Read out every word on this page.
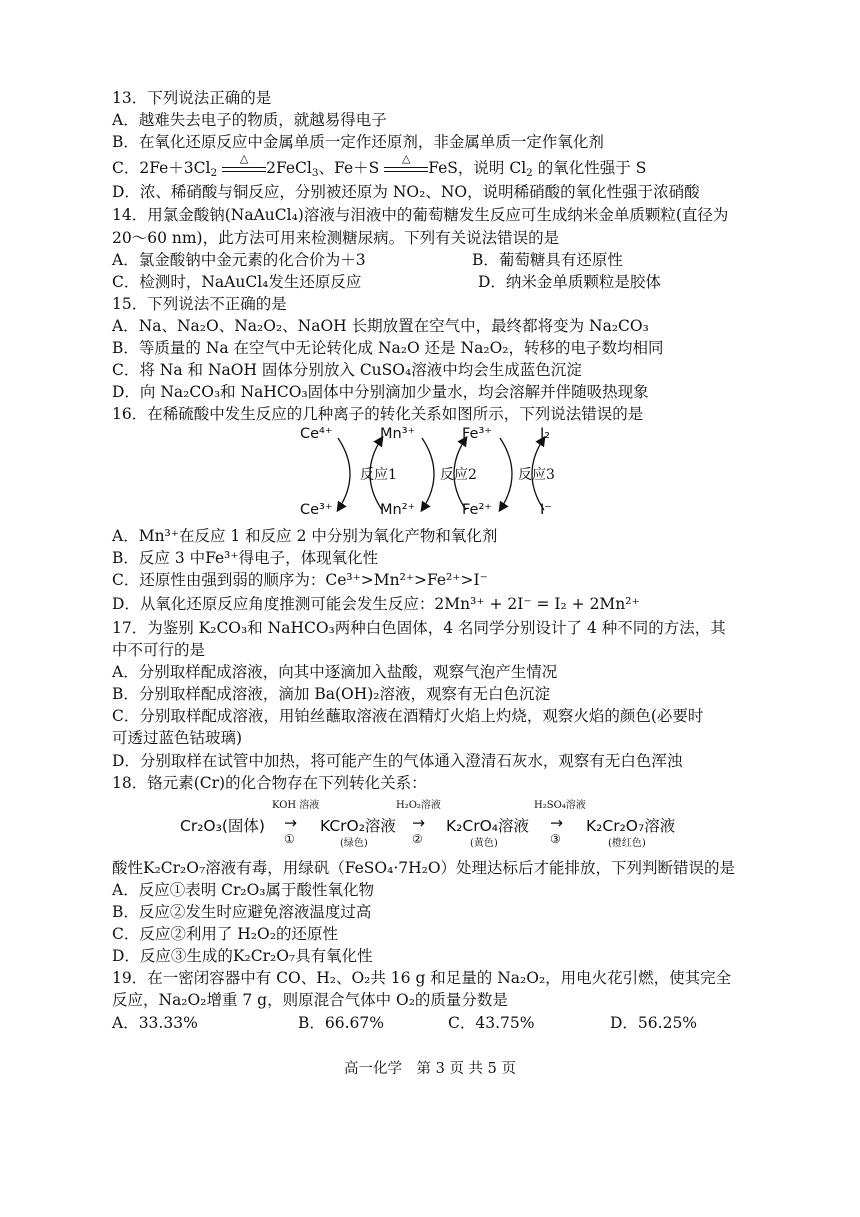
13．下列说法正确的是
A．越难失去电子的物质，就越易得电子
B．在氧化还原反应中金属单质一定作还原剂，非金属单质一定作氧化剂
C．$2Fe+3Cl_2$
△
2FeCl$_3$、Fe＋S
△
FeS，说明 $Cl_2$ 的氧化性强于 S
D．浓、稀硝酸与铜反应，分别被还原为 NO₂、NO，说明稀硝酸的氧化性强于浓硝酸
14．用氯金酸钠(NaAuCl₄)溶液与泪液中的葡萄糖发生反应可生成纳米金单质颗粒(直径为
20～60 nm)，此方法可用来检测糖尿病。下列有关说法错误的是
A．氯金酸钠中金元素的化合价为＋3	B．葡萄糖具有还原性
C．检测时，NaAuCl₄发生还原反应	D．纳米金单质颗粒是胶体
15．下列说法不正确的是
A．Na、Na₂O、Na₂O₂、NaOH 长期放置在空气中，最终都将变为 Na₂CO₃
B．等质量的 Na 在空气中无论转化成 Na₂O 还是 Na₂O₂，转移的电子数均相同
C．将 Na 和 NaOH 固体分别放入 CuSO₄溶液中均会生成蓝色沉淀
D．向 Na₂CO₃和 NaHCO₃固体中分别滴加少量水，均会溶解并伴随吸热现象
16．在稀硫酸中发生反应的几种离子的转化关系如图所示，下列说法错误的是
Ce⁴⁺	Mn³⁺	Fe³⁺	I₂
Ce³⁺	Mn²⁺	Fe²⁺	I⁻
反应1	反应2	反应3
A．Mn³⁺在反应 1 和反应 2 中分别为氧化产物和氧化剂
B．反应 3 中Fe³⁺得电子，体现氧化性
C．还原性由强到弱的顺序为：Ce³⁺>Mn²⁺>Fe²⁺>I⁻
D．从氧化还原反应角度推测可能会发生反应：2Mn³⁺ + 2I⁻ = I₂ + 2Mn²⁺
17．为鉴别 K₂CO₃和 NaHCO₃两种白色固体，4 名同学分别设计了 4 种不同的方法，其
中不可行的是
A．分别取样配成溶液，向其中逐滴加入盐酸，观察气泡产生情况
B．分别取样配成溶液，滴加 Ba(OH)₂溶液，观察有无白色沉淀
C．分别取样配成溶液，用铂丝蘸取溶液在酒精灯火焰上灼烧，观察火焰的颜色(必要时
可透过蓝色钴玻璃)
D．分别取样在试管中加热，将可能产生的气体通入澄清石灰水，观察有无白色浑浊
18．铬元素(Cr)的化合物存在下列转化关系：
Cr₂O₃(固体)
KOH 溶液
→
①
KCrO₂溶液
(绿色)
H₂O₂溶液
→
②
K₂CrO₄溶液
(黄色)
H₂SO₄溶液
→
③
K₂Cr₂O₇溶液
(橙红色)
酸性K₂Cr₂O₇溶液有毒，用绿矾（FeSO₄·7H₂O）处理达标后才能排放，下列判断错误的是
A．反应①表明 Cr₂O₃属于酸性氧化物
B．反应②发生时应避免溶液温度过高
C．反应②利用了 H₂O₂的还原性
D．反应③生成的K₂Cr₂O₇具有氧化性
19．在一密闭容器中有 CO、H₂、O₂共 16 g 和足量的 Na₂O₂，用电火花引燃，使其完全
反应，Na₂O₂增重 7 g，则原混合气体中 O₂的质量分数是
A．33.33%	B．66.67%	C．43.75%	D．56.25%
高一化学　第 3 页 共 5 页
